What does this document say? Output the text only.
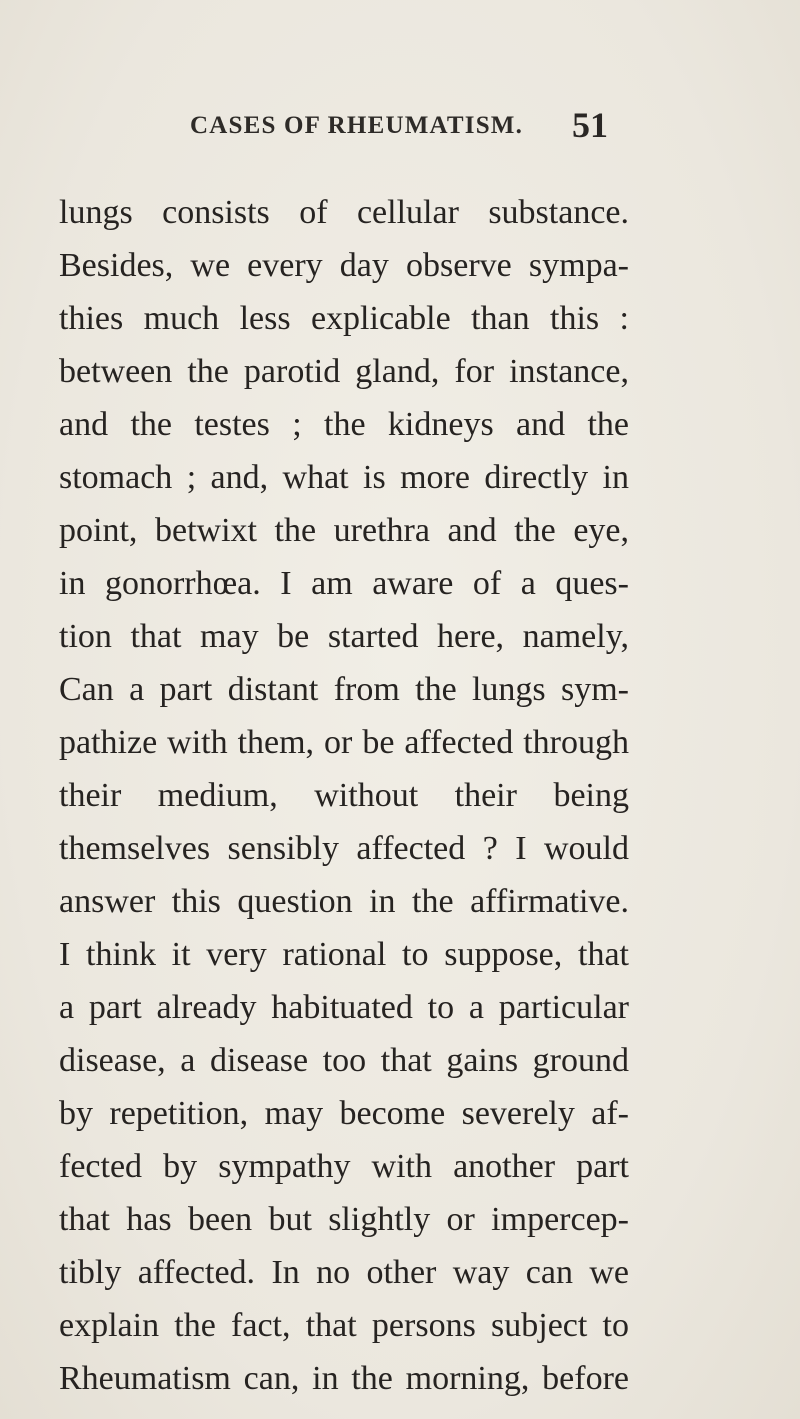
CASES OF RHEUMATISM.	51
lungs consists of cellular substance.
Besides, we every day observe sympa-
thies much less explicable than this :
between the parotid gland, for instance,
and the testes ; the kidneys and the
stomach ; and, what is more directly in
point, betwixt the urethra and the eye,
in gonorrhœa. I am aware of a ques-
tion that may be started here, namely,
Can a part distant from the lungs sym-
pathize with them, or be affected through
their medium, without their being
themselves sensibly affected ? I would
answer this question in the affirmative.
I think it very rational to suppose, that
a part already habituated to a particular
disease, a disease too that gains ground
by repetition, may become severely af-
fected by sympathy with another part
that has been but slightly or impercep-
tibly affected. In no other way can we
explain the fact, that persons subject to
Rheumatism can, in the morning, before
